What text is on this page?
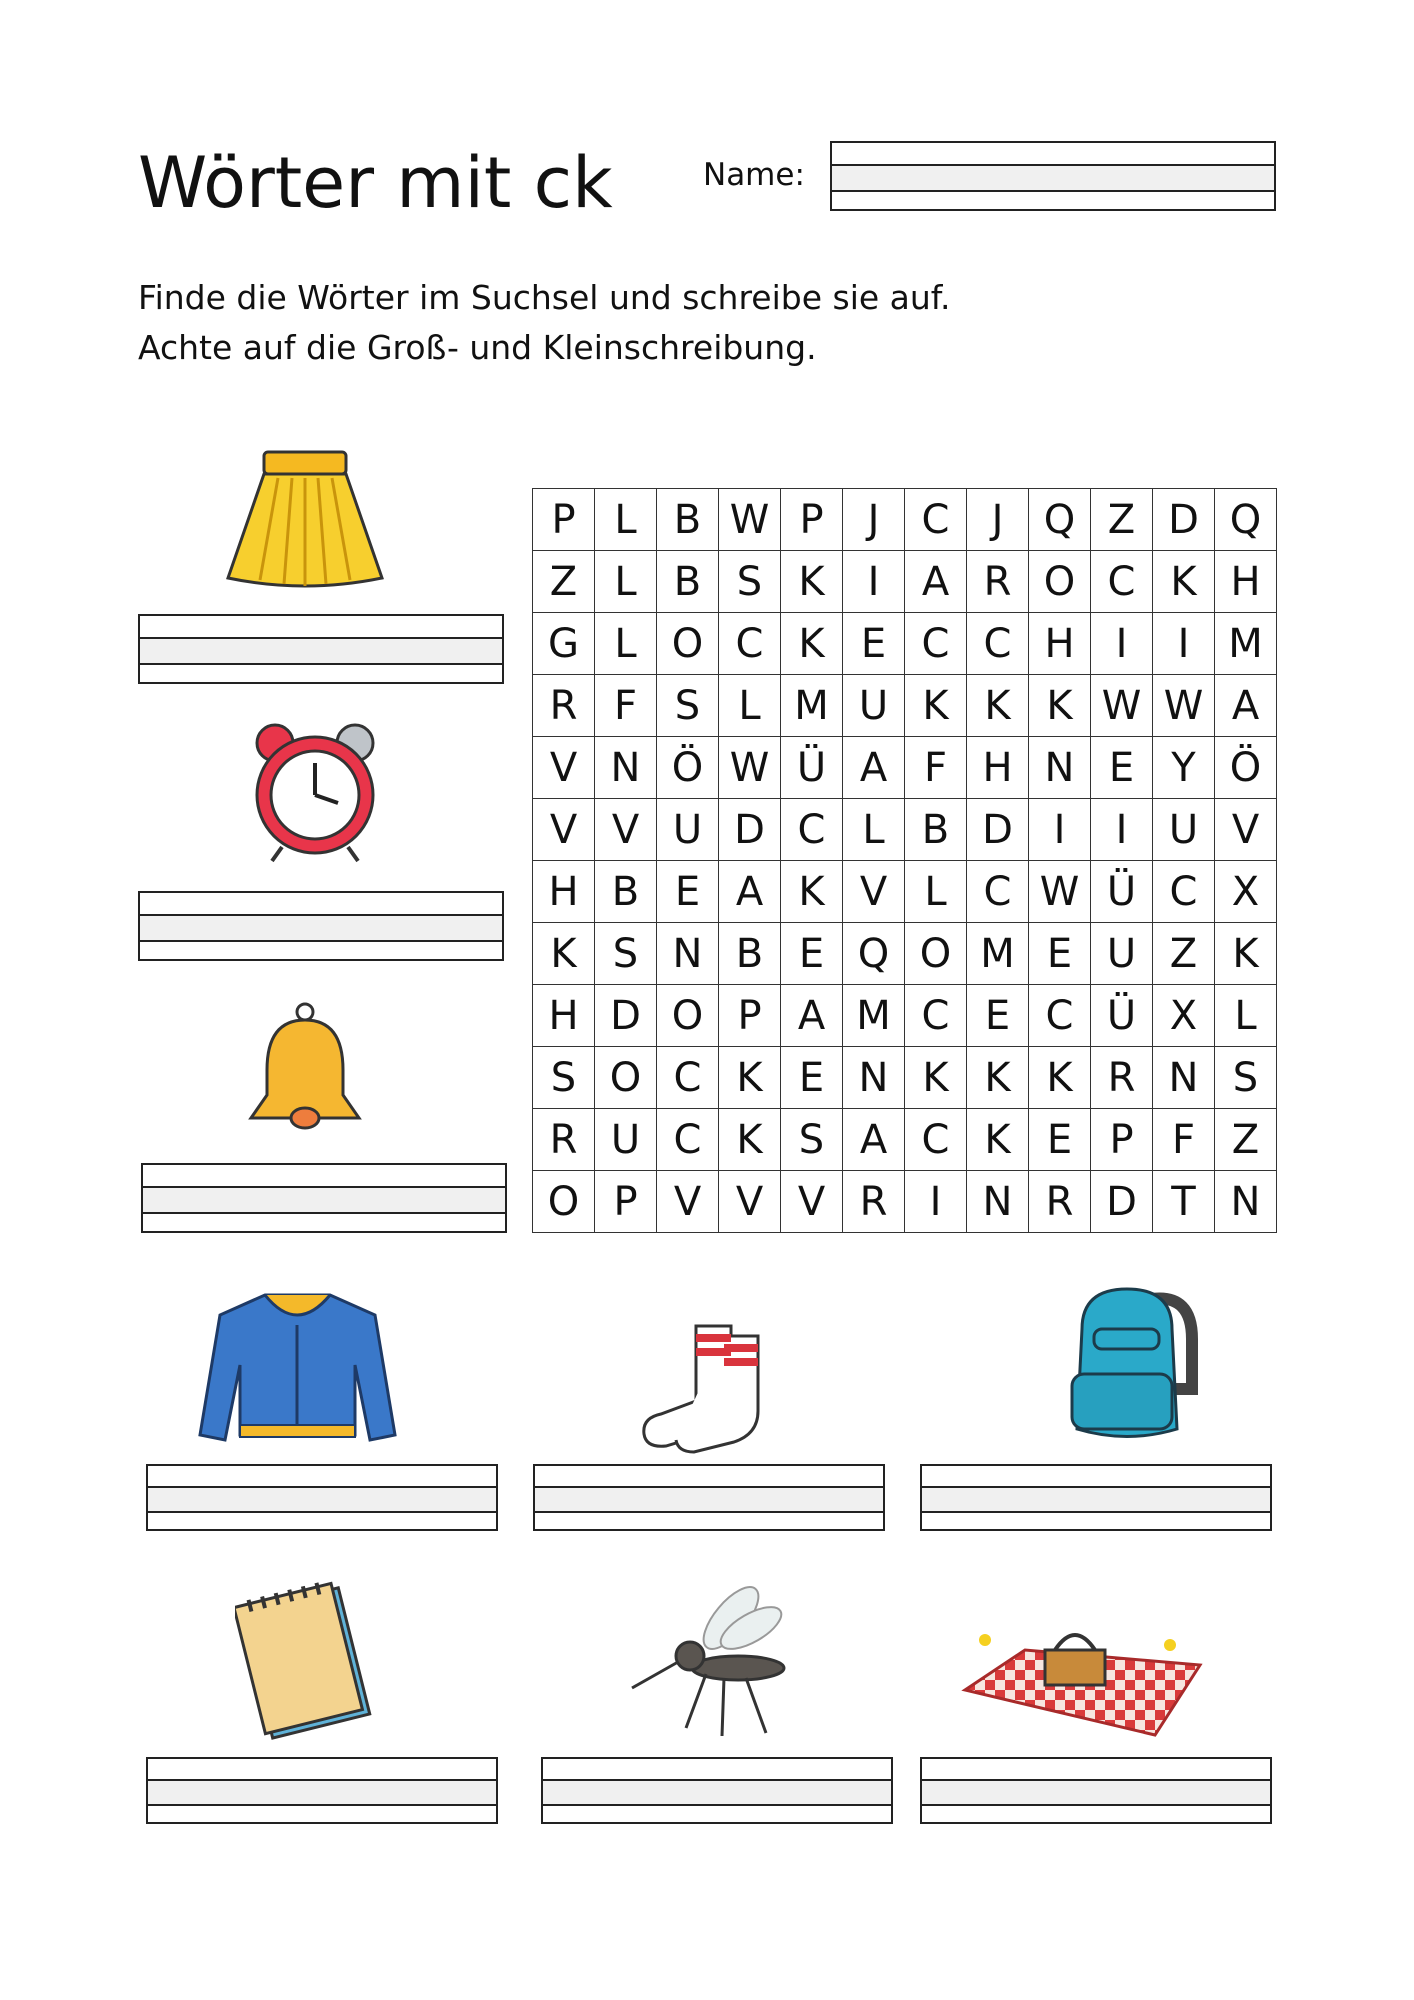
Wörter mit ck	Name:
Finde die Wörter im Suchsel und schreibe sie auf.
Achte auf die Groß- und Kleinschreibung.
P L B W P	J	C	J	Q Z D Q
Z L B S K	I	A R O C K H
G L O C K E C C H	I	I M
R F S L M U K K K W W A
V N Ö W Ü A F H N E Y Ö
V V U D C L B D	I	I	U V
H B E A K V L C W Ü C X
K S N B E Q O M E U Z K
H D O P A M C E C Ü X L
S O C K E N K K K R N S
R U C K S A C K E P F Z
O P V V V R	I	N R D T N
